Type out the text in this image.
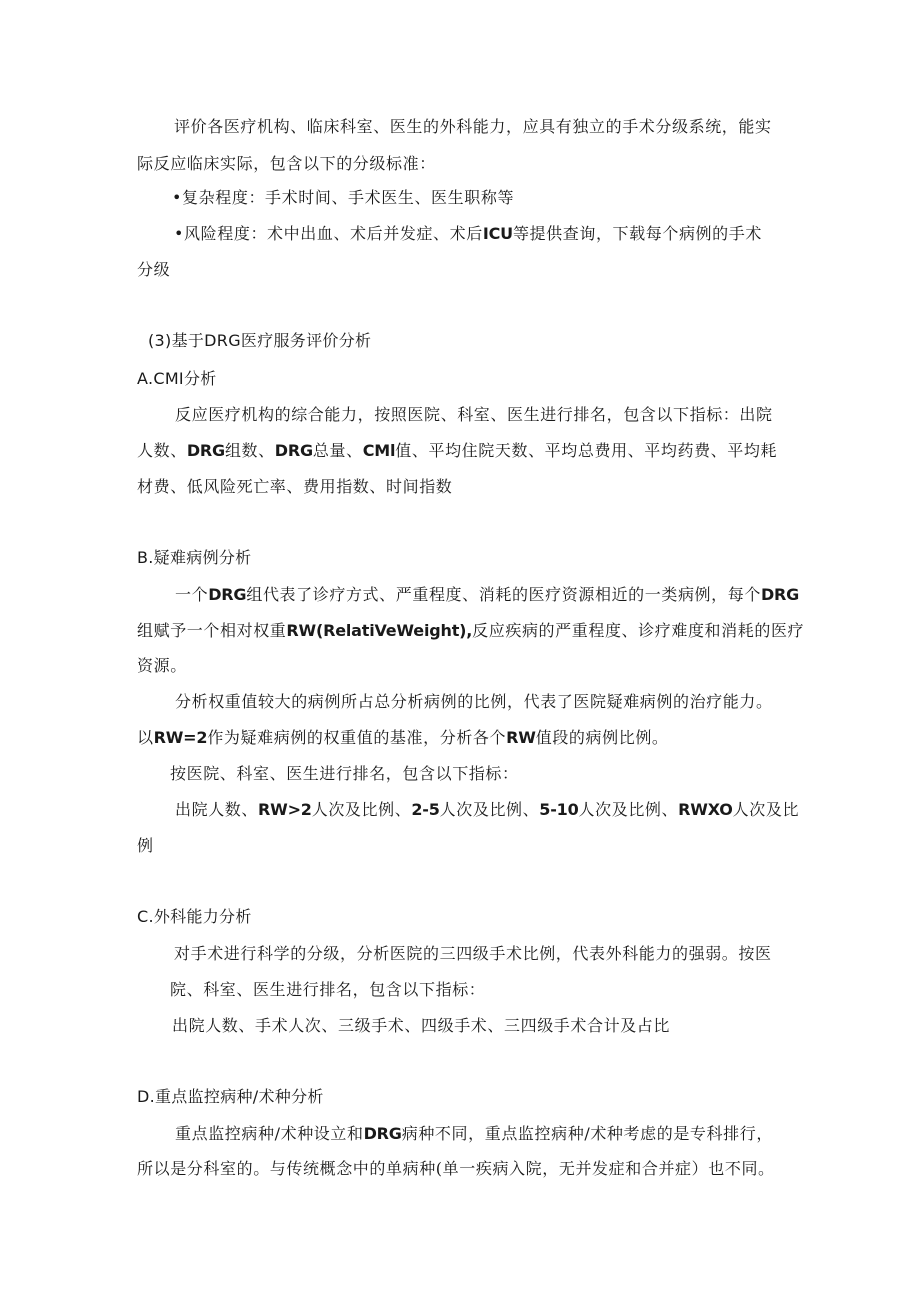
评价各医疗机构、临床科室、医生的外科能力，应具有独立的手术分级系统，能实

际反应临床实际，包含以下的分级标准：

•复杂程度：手术时间、手术医生、医生职称等

•风险程度：术中出血、术后并发症、术后ICU等提供查询，下载每个病例的手术

分级

(3)基于DRG医疗服务评价分析

A.CMI分析

反应医疗机构的综合能力，按照医院、科室、医生进行排名，包含以下指标：出院

人数、DRG组数、DRG总量、CMl值、平均住院天数、平均总费用、平均药费、平均耗

材费、低风险死亡率、费用指数、时间指数

B.疑难病例分析

一个DRG组代表了诊疗方式、严重程度、消耗的医疗资源相近的一类病例，每个DRG

组赋予一个相对权重RW(RelatiVeWeight),反应疾病的严重程度、诊疗难度和消耗的医疗

资源。

分析权重值较大的病例所占总分析病例的比例，代表了医院疑难病例的治疗能力。

以RW=2作为疑难病例的权重值的基准，分析各个RW值段的病例比例。

按医院、科室、医生进行排名，包含以下指标：

出院人数、RW>2人次及比例、2-5人次及比例、5-10人次及比例、RWXO人次及比

例

C.外科能力分析

对手术进行科学的分级，分析医院的三四级手术比例，代表外科能力的强弱。按医

院、科室、医生进行排名，包含以下指标：

出院人数、手术人次、三级手术、四级手术、三四级手术合计及占比

D.重点监控病种/术种分析

重点监控病种/术种设立和DRG病种不同，重点监控病种/术种考虑的是专科排行，

所以是分科室的。与传统概念中的单病种(单一疾病入院，无并发症和合并症）也不同。
